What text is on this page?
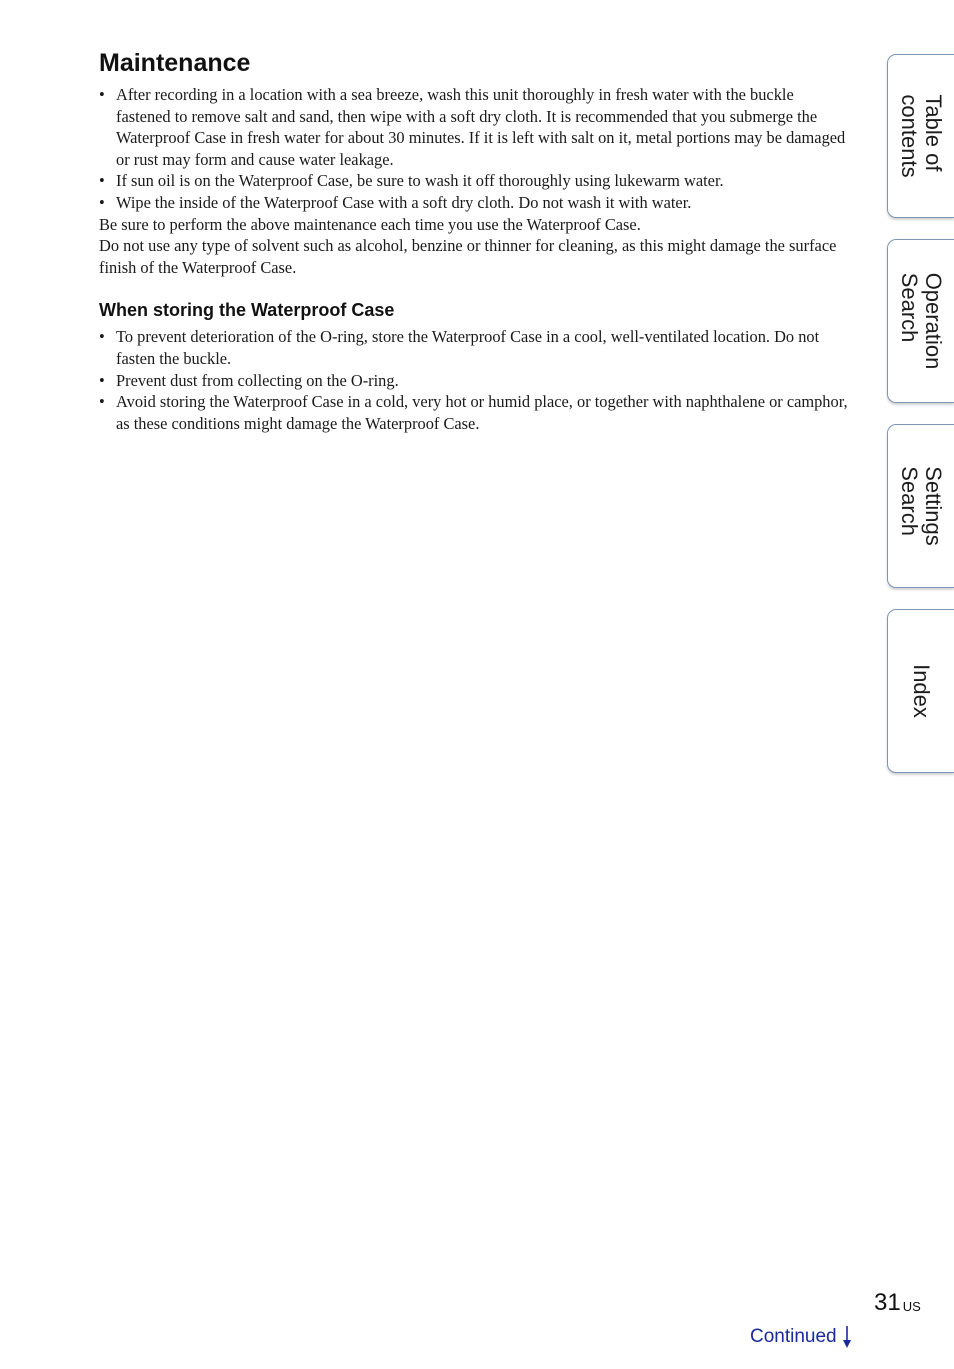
Maintenance
• After recording in a location with a sea breeze, wash this unit thoroughly in fresh water with the buckle fastened to remove salt and sand, then wipe with a soft dry cloth. It is recommended that you submerge the Waterproof Case in fresh water for about 30 minutes. If it is left with salt on it, metal portions may be damaged or rust may form and cause water leakage.
• If sun oil is on the Waterproof Case, be sure to wash it off thoroughly using lukewarm water.
• Wipe the inside of the Waterproof Case with a soft dry cloth. Do not wash it with water.

Be sure to perform the above maintenance each time you use the Waterproof Case.

Do not use any type of solvent such as alcohol, benzine or thinner for cleaning, as this might damage the surface finish of the Waterproof Case.

When storing the Waterproof Case
• To prevent deterioration of the O-ring, store the Waterproof Case in a cool, well-ventilated location. Do not fasten the buckle.
• Prevent dust from collecting on the O-ring.
• Avoid storing the Waterproof Case in a cold, very hot or humid place, or together with naphthalene or camphor, as these conditions might damage the Waterproof Case.
Table of
contents
Operation
Search
Settings
Search
Index
31 $^{US}$
Continued
